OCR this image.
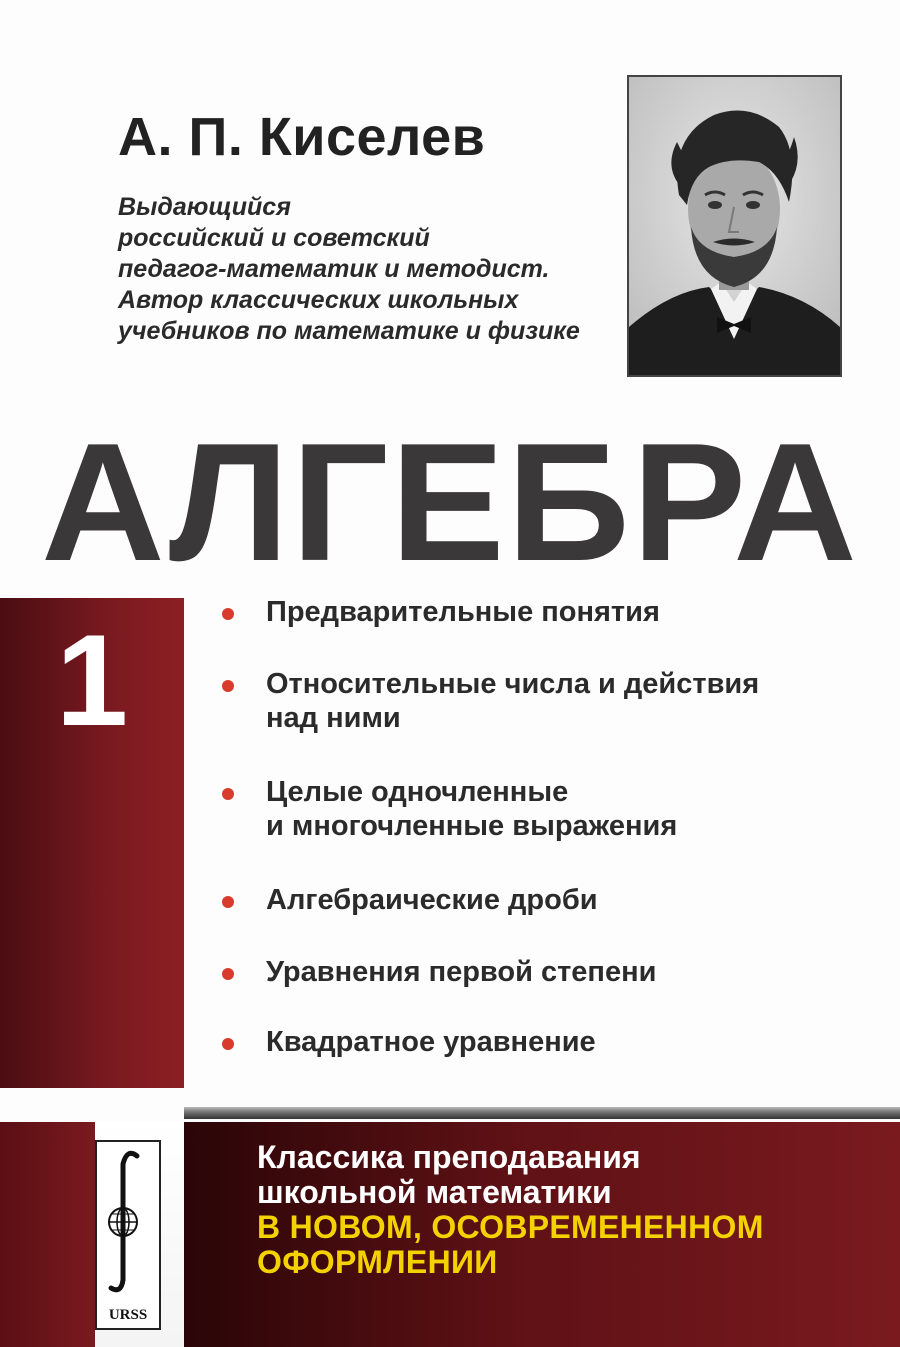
А. П. Киселев
Выдающийся
российский и советский
педагог-математик и методист.
Автор классических школьных
учебников по математике и физике
АЛГЕБРА
1	Предварительные понятия
Относительные числа и действия
над ними
Целые одночленные
и многочленные выражения
Алгебраические дроби
Уравнения первой степени
Квадратное уравнение
URSS
Классика преподавания
школьной математики
В НОВОМ, ОСОВРЕМЕНЕННОМ
ОФОРМЛЕНИИ
